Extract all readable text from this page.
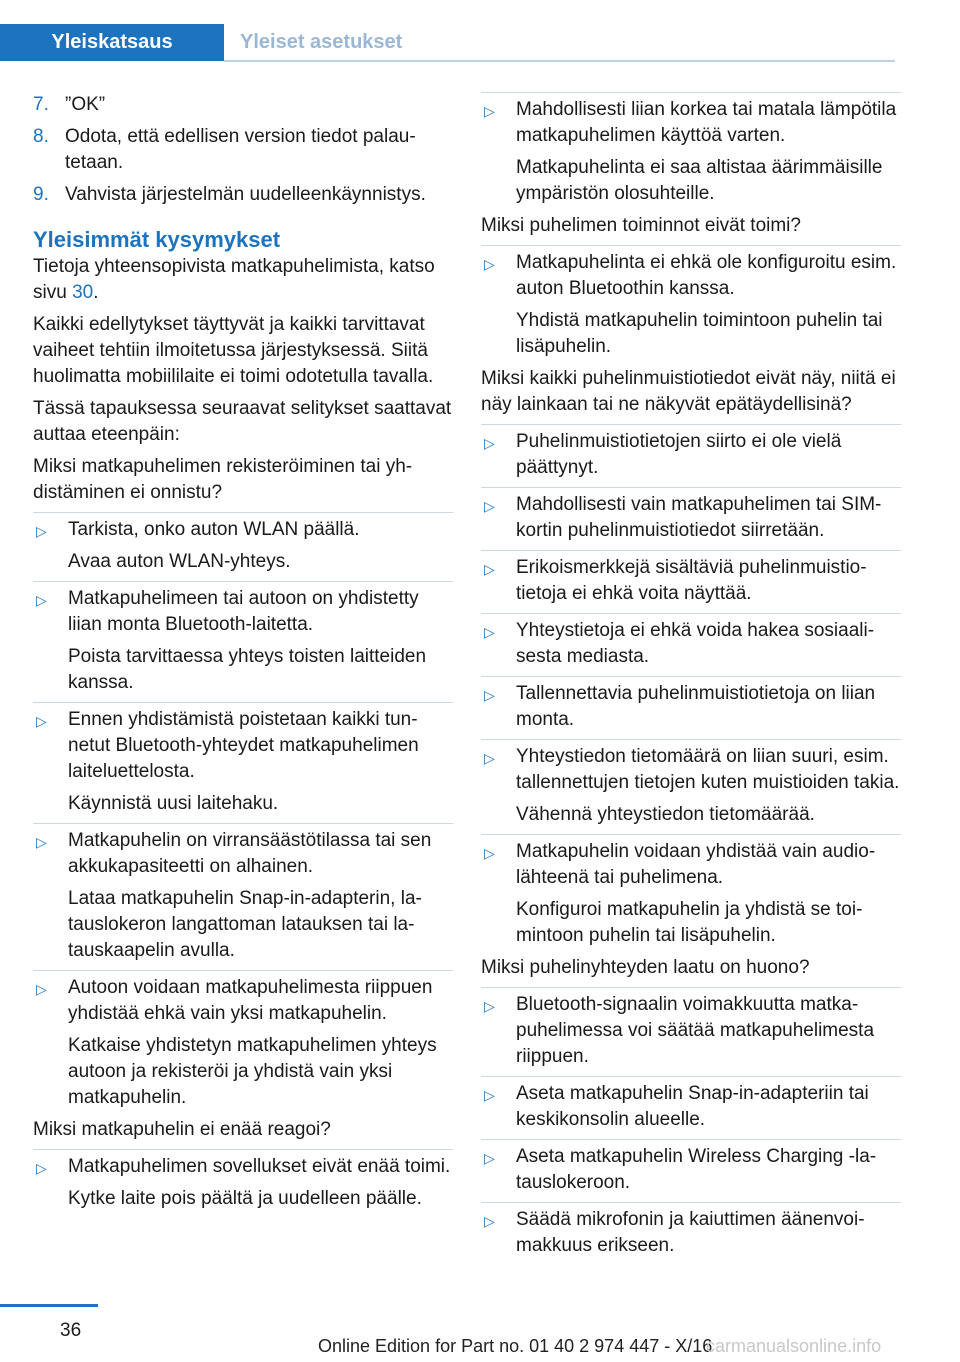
Yleiskatsaus	Yleiset asetukset
7. ”OK”
8. Odota, että edellisen version tiedot palautetaan.
9. Vahvista järjestelmän uudelleenkäynnistys.
Yleisimmät kysymykset

Tietoja yhteensopivista matkapuhelimista, katso sivu 30.

Kaikki edellytykset täyttyvät ja kaikki tarvittavat vaiheet tehtiin ilmoitetussa järjestyksessä. Siitä huolimatta mobiililaite ei toimi odotetulla tavalla.

Tässä tapauksessa seuraavat selitykset saattavat auttaa eteenpäin:

Miksi matkapuhelimen rekisteröiminen tai yhdistäminen ei onnistu?

▷	Tarkista, onko auton WLAN päällä.

Avaa auton WLAN-yhteys.

▷	Matkapuhelimeen tai autoon on yhdistetty liian monta Bluetooth-laitetta.

Poista tarvittaessa yhteys toisten laitteiden kanssa.

▷	Ennen yhdistämistä poistetaan kaikki tunnetut Bluetooth-yhteydet matkapuhelimen laiteluettelosta.

Käynnistä uusi laitehaku.

▷	Matkapuhelin on virransäästötilassa tai sen akkukapasiteetti on alhainen.

Lataa matkapuhelin Snap-in-adapterin, latauslokeron langattoman latauksen tai latauskaapelin avulla.

▷	Autoon voidaan matkapuhelimesta riippuen yhdistää ehkä vain yksi matkapuhelin.

Katkaise yhdistetyn matkapuhelimen yhteys autoon ja rekisteröi ja yhdistä vain yksi matkapuhelin.

Miksi matkapuhelin ei enää reagoi?

▷	Matkapuhelimen sovellukset eivät enää toimi.

Kytke laite pois päältä ja uudelleen päälle.

▷	Mahdollisesti liian korkea tai matala lämpötila matkapuhelimen käyttöä varten.

Matkapuhelinta ei saa altistaa äärimmäisille ympäristön olosuhteille.

Miksi puhelimen toiminnot eivät toimi?

▷	Matkapuhelinta ei ehkä ole konfiguroitu esim. auton Bluetoothin kanssa.

Yhdistä matkapuhelin toimintoon puhelin tai lisäpuhelin.

Miksi kaikki puhelinmuistiotiedot eivät näy, niitä ei näy lainkaan tai ne näkyvät epätäydellisinä?

▷	Puhelinmuistiotietojen siirto ei ole vielä päättynyt.

▷	Mahdollisesti vain matkapuhelimen tai SIM-kortin puhelinmuistiotiedot siirretään.

▷	Erikoismerkkejä sisältäviä puhelinmuistiotietoja ei ehkä voita näyttää.

▷	Yhteystietoja ei ehkä voida hakea sosiaalisesta mediasta.

▷	Tallennettavia puhelinmuistiotietoja on liian monta.

▷	Yhteystiedon tietomäärä on liian suuri, esim. tallennettujen tietojen kuten muistioiden takia.

Vähennä yhteystiedon tietomäärää.

▷	Matkapuhelin voidaan yhdistää vain audiolähteenä tai puhelimena.

Konfiguroi matkapuhelin ja yhdistä se toimintoon puhelin tai lisäpuhelin.

Miksi puhelinyhteyden laatu on huono?

▷	Bluetooth-signaalin voimakkuutta matkapuhelimessa voi säätää matkapuhelimesta riippuen.

▷	Aseta matkapuhelin Snap-in-adapteriin tai keskikonsolin alueelle.

▷	Aseta matkapuhelin Wireless Charging -latauslokeroon.

▷	Säädä mikrofonin ja kaiuttimen äänenvoimakkuus erikseen.

36
Online Edition for Part no. 01 40 2 974 447 - X/16
carmanualsonline.info
